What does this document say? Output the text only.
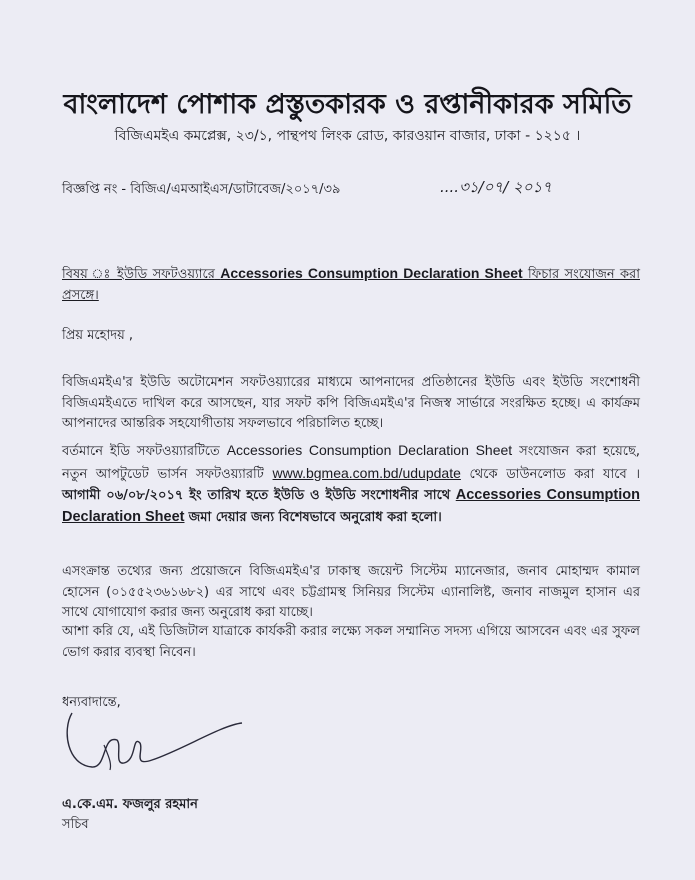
বাংলাদেশ পোশাক প্রস্তুতকারক ও রপ্তানীকারক সমিতি
বিজিএমইএ কমপ্লেক্স, ২৩/১, পান্থপথ লিংক রোড, কারওয়ান বাজার, ঢাকা - ১২১৫ ।
বিজ্ঞপ্তি নং - বিজিএ/এমআইএস/ডাটাবেজ/২০১৭/৩৯	....৩১/০৭/ ২০১৭
বিষয় ঃ ইউডি সফটওয়্যারে Accessories Consumption Declaration Sheet ফিচার সংযোজন করা প্রসঙ্গে।
প্রিয় মহোদয় ,
বিজিএমইএ'র ইউডি অটোমেশন সফটওয়্যারের মাধ্যমে আপনাদের প্রতিষ্ঠানের ইউডি এবং ইউডি সংশোধনী বিজিএমইএতে দাখিল করে আসছেন, যার সফট কপি বিজিএমইএ'র নিজস্ব সার্ভারে সংরক্ষিত হচ্ছে। এ কার্যক্রম আপনাদের আন্তরিক সহযোগীতায় সফলভাবে পরিচালিত হচ্ছে।
বর্তমানে ইডি সফটওয়্যারটিতে Accessories Consumption Declaration Sheet সংযোজন করা হয়েছে, নতুন আপটুডেট ভার্সন সফটওয়্যারটি www.bgmea.com.bd/udupdate থেকে ডাউনলোড করা যাবে । আগামী ০৬/০৮/২০১৭ ইং তারিখ হতে ইউডি ও ইউডি সংশোধনীর সাথে Accessories Consumption Declaration Sheet জমা দেয়ার জন্য বিশেষভাবে অনুরোধ করা হলো।
এসংক্রান্ত তথ্যের জন্য প্রয়োজনে বিজিএমইএ'র ঢাকাস্থ জয়েন্ট সিস্টেম ম্যানেজার, জনাব মোহাম্মদ কামাল হোসেন (০১৫৫২৩৬১৬৮২) এর সাথে এবং চট্টগ্রামস্থ সিনিয়র সিস্টেম এ্যানালিষ্ট, জনাব নাজমুল হাসান এর সাথে যোগাযোগ করার জন্য অনুরোধ করা যাচ্ছে।
আশা করি যে, এই ডিজিটাল যাত্রাকে কার্যকরী করার লক্ষ্যে সকল সম্মানিত সদস্য এগিয়ে আসবেন এবং এর সুফল ভোগ করার ব্যবস্থা নিবেন।
ধন্যবাদান্তে,
এ.কে.এম. ফজলুর রহমান
সচিব
